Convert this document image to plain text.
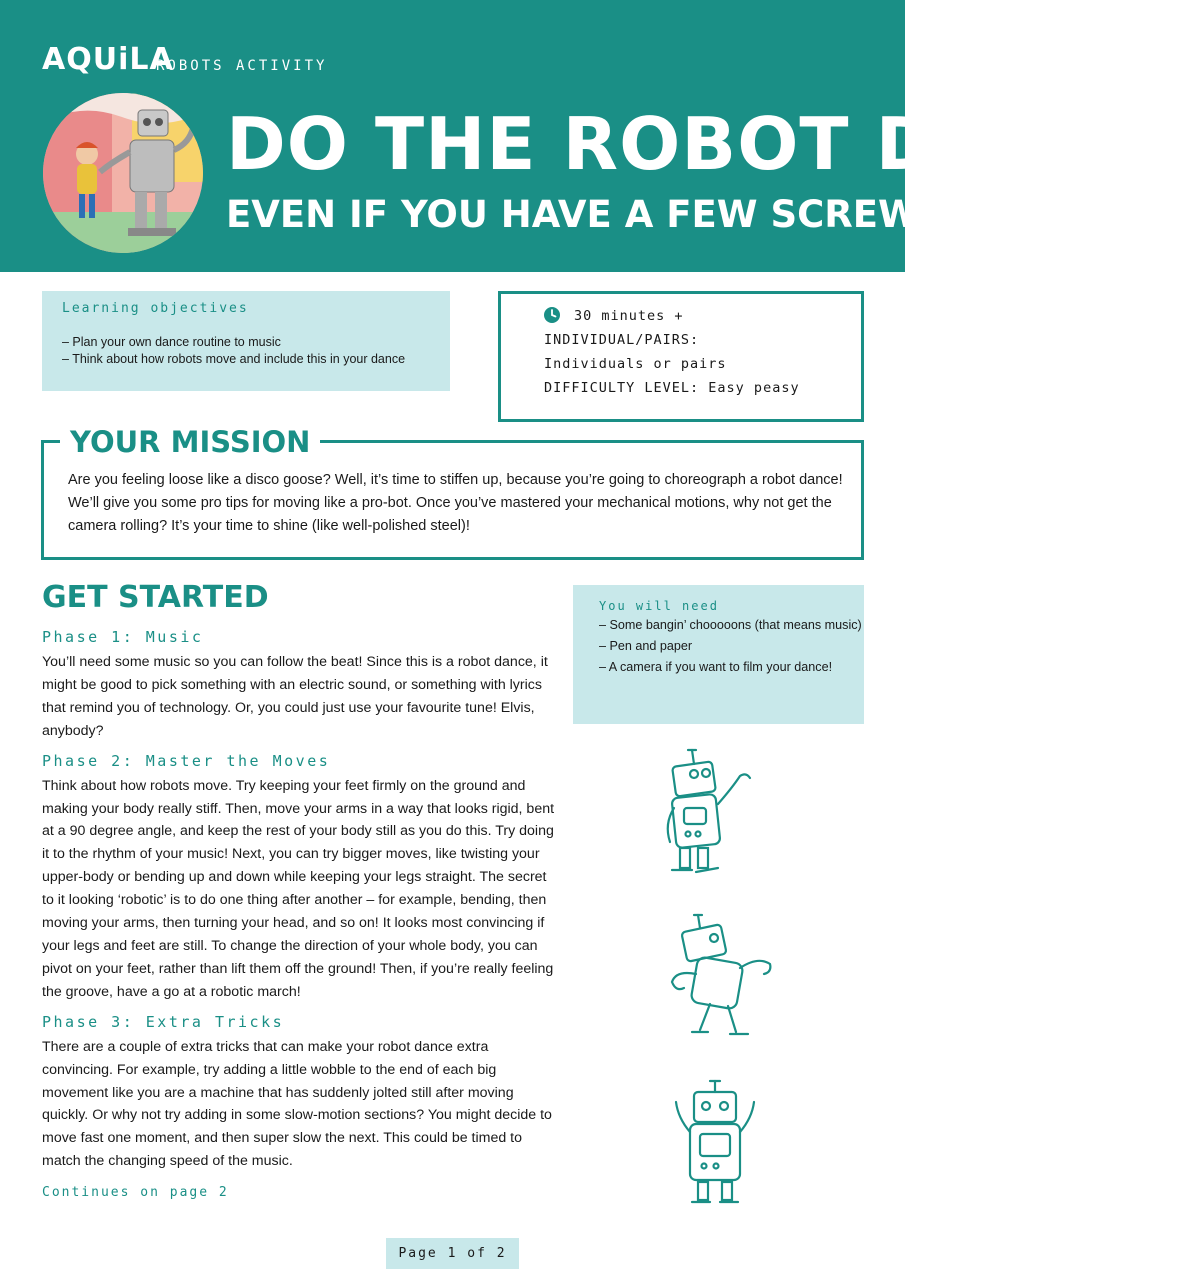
AQUiLA
ROBOTS ACTIVITY
DO THE ROBOT DANCE!
EVEN IF YOU HAVE A FEW SCREWS LOOSE!
Learning objectives
– Plan your own dance routine to music
– Think about how robots move and include this in your dance
30 minutes +
INDIVIDUAL/PAIRS:
Individuals or pairs
DIFFICULTY LEVEL: Easy peasy
YOUR MISSION
Are you feeling loose like a disco goose? Well, it’s time to stiffen up, because you’re going to choreograph a robot dance! We’ll give you some pro tips for moving like a pro-bot. Once you’ve mastered your mechanical motions, why not get the camera rolling? It’s your time to shine (like well-polished steel)!
GET STARTED
Phase 1: Music

You’ll need some music so you can follow the beat! Since this is a robot dance, it might be good to pick something with an electric sound, or something with lyrics that remind you of technology. Or, you could just use your favourite tune! Elvis, anybody?

Phase 2: Master the Moves

Think about how robots move. Try keeping your feet firmly on the ground and making your body really stiff. Then, move your arms in a way that looks rigid, bent at a 90 degree angle, and keep the rest of your body still as you do this. Try doing it to the rhythm of your music! Next, you can try bigger moves, like twisting your upper-body or bending up and down while keeping your legs straight. The secret to it looking ‘robotic’ is to do one thing after another – for example, bending, then moving your arms, then turning your head, and so on! It looks most convincing if your legs and feet are still. To change the direction of your whole body, you can pivot on your feet, rather than lift them off the ground! Then, if you’re really feeling the groove, have a go at a robotic march!

Phase 3: Extra Tricks

There are a couple of extra tricks that can make your robot dance extra convincing. For example, try adding a little wobble to the end of each big movement like you are a machine that has suddenly jolted still after moving quickly. Or why not try adding in some slow-motion sections? You might decide to move fast one moment, and then super slow the next. This could be timed to match the changing speed of the music.

Continues on page 2
You will need
– Some bangin’ chooooons (that means music)
– Pen and paper
– A camera if you want to film your dance!
Page 1 of 2
